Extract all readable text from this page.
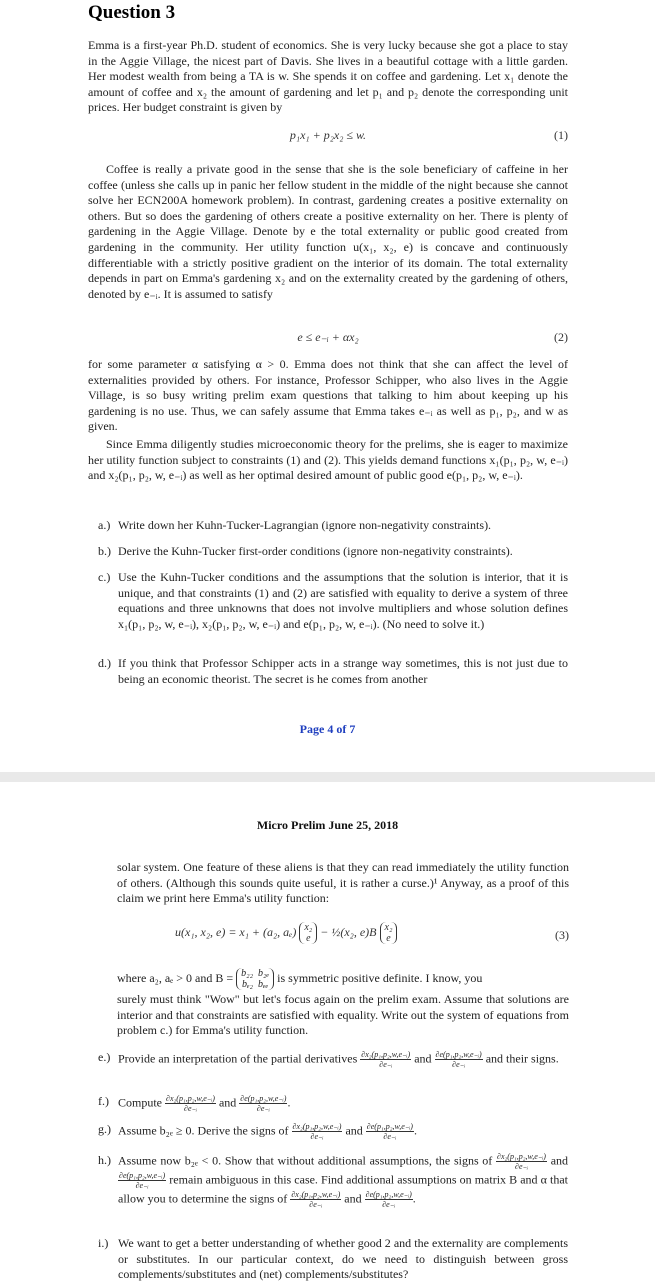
Question 3

Emma is a first-year Ph.D. student of economics. She is very lucky because she got a place to stay in the Aggie Village, the nicest part of Davis. She lives in a beautiful cottage with a little garden. Her modest wealth from being a TA is w. She spends it on coffee and gardening. Let x₁ denote the amount of coffee and x₂ the amount of gardening and let p₁ and p₂ denote the corresponding unit prices. Her budget constraint is given by

p₁x₁ + p₂x₂ ≤ w.	(1)

Coffee is really a private good in the sense that she is the sole beneficiary of caffeine in her coffee (unless she calls up in panic her fellow student in the middle of the night because she cannot solve her ECN200A homework problem). In contrast, gardening creates a positive externality on others. But so does the gardening of others create a positive externality on her. There is plenty of gardening in the Aggie Village. Denote by e the total externality or public good created from gardening in the community. Her utility function u(x₁, x₂, e) is concave and continuously differentiable with a strictly positive gradient on the interior of its domain. The total externality depends in part on Emma's gardening x₂ and on the externality created by the gardening of others, denoted by e₋ᵢ. It is assumed to satisfy

e ≤ e₋ᵢ + αx₂	(2)

for some parameter α satisfying α > 0. Emma does not think that she can affect the level of externalities provided by others. For instance, Professor Schipper, who also lives in the Aggie Village, is so busy writing prelim exam questions that talking to him about keeping up his gardening is no use. Thus, we can safely assume that Emma takes e₋ᵢ as well as p₁, p₂, and w as given.

Since Emma diligently studies microeconomic theory for the prelims, she is eager to maximize her utility function subject to constraints (1) and (2). This yields demand functions x₁(p₁, p₂, w, e₋ᵢ) and x₂(p₁, p₂, w, e₋ᵢ) as well as her optimal desired amount of public good e(p₁, p₂, w, e₋ᵢ).

a.) Write down her Kuhn-Tucker-Lagrangian (ignore non-negativity constraints).
b.) Derive the Kuhn-Tucker first-order conditions (ignore non-negativity constraints).
c.) Use the Kuhn-Tucker conditions and the assumptions that the solution is interior, that it is unique, and that constraints (1) and (2) are satisfied with equality to derive a system of three equations and three unknowns that does not involve multipliers and whose solution defines x₁(p₁, p₂, w, e₋ᵢ), x₂(p₁, p₂, w, e₋ᵢ) and e(p₁, p₂, w, e₋ᵢ). (No need to solve it.)
d.) If you think that Professor Schipper acts in a strange way sometimes, this is not just due to being an economic theorist. The secret is he comes from another
Page 4 of 7
Micro Prelim June 25, 2018

solar system. One feature of these aliens is that they can read immediately the utility function of others. (Although this sounds quite useful, it is rather a curse.)¹ Anyway, as a proof of this claim we print here Emma's utility function:

u(x₁, x₂, e) = x₁ + (a₂, aₑ) x₂
e − ½(x₂, e)B x₂
e	(3)
where a₂, aₑ > 0 and B = b₂₂ b₂ₑ
bₑ₂ bₑₑ is symmetric positive definite. I know, you

surely must think "Wow" but let's focus again on the prelim exam. Assume that solutions are interior and that constraints are satisfied with equality. Write out the system of equations from problem c.) for Emma's utility function.

e.) Provide an interpretation of the partial derivatives $\frac{\text{∂x₂(p₁,p₂,w,e₋ᵢ)}}{\text{∂e₋ᵢ}}$ and $\frac{\text{∂e(p₁,p₂,w,e₋ᵢ)}}{\text{∂e₋ᵢ}}$ and their signs.
f.) Compute $\frac{\text{∂x₂(p₁,p₂,w,e₋ᵢ)}}{\text{∂e₋ᵢ}}$ and $\frac{\text{∂e(p₁,p₂,w,e₋ᵢ)}}{\text{∂e₋ᵢ}}$ .
g.) Assume b₂ₑ ≥ 0. Derive the signs of $\frac{\text{∂x₂(p₁,p₂,w,e₋ᵢ)}}{\text{∂e₋ᵢ}}$ and $\frac{\text{∂e(p₁,p₂,w,e₋ᵢ)}}{\text{∂e₋ᵢ}}$ .
h.) Assume now b₂ₑ < 0. Show that without additional assumptions, the signs of $\frac{\text{∂x₂(p₁,p₂,w,e₋ᵢ)}}{\text{∂e₋ᵢ}}$ and
$\frac{\text{∂e(p₁,p₂,w,e₋ᵢ)}}{\text{∂e₋ᵢ}}$ remain ambiguous in this case. Find additional assumptions on matrix B and α that allow you to determine the signs of $\frac{\text{∂x₂(p₁,p₂,w,e₋ᵢ)}}{\text{∂e₋ᵢ}}$ and $\frac{\text{∂e(p₁,p₂,w,e₋ᵢ)}}{\text{∂e₋ᵢ}}$ .
i.) We want to get a better understanding of whether good 2 and the externality are complements or substitutes. In our particular context, do we need to distinguish between gross complements/substitutes and (net) complements/substitutes?
